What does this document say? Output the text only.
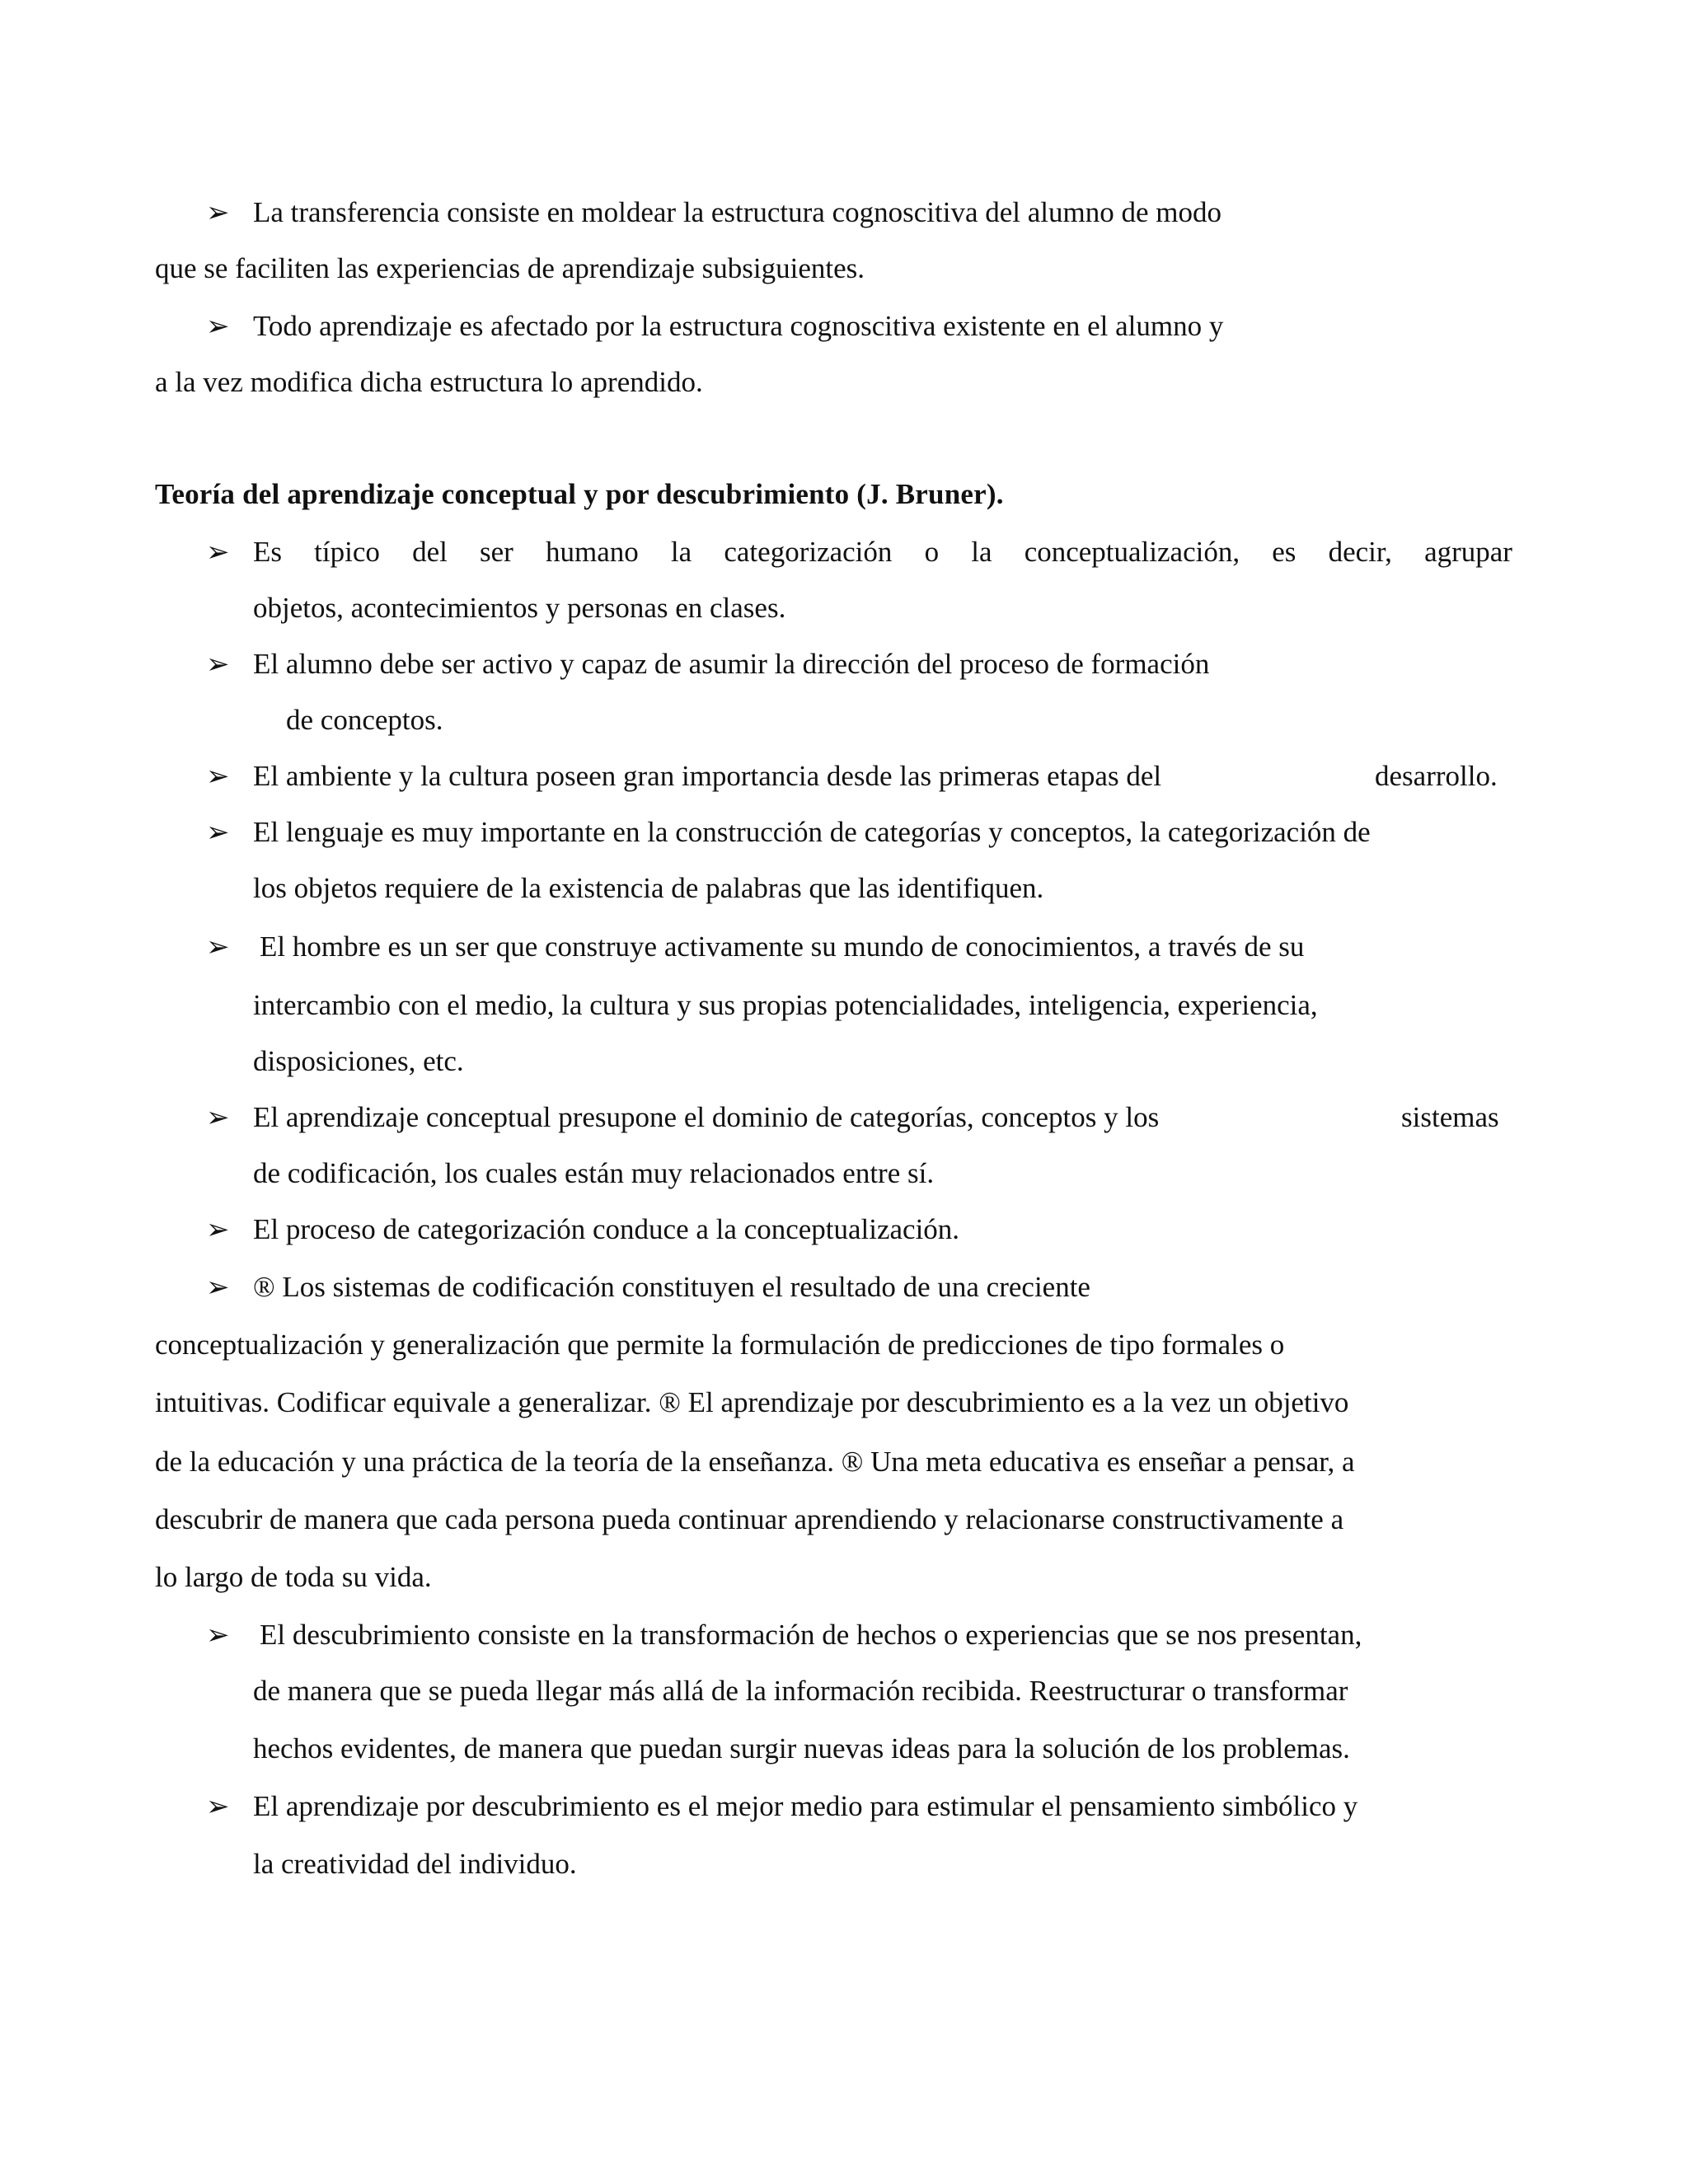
➢ La transferencia consiste en moldear la estructura cognoscitiva del alumno de modo
que se faciliten las experiencias de aprendizaje subsiguientes.
➢ Todo aprendizaje es afectado por la estructura cognoscitiva existente en el alumno y
a la vez modifica dicha estructura lo aprendido.
Teoría del aprendizaje conceptual y por descubrimiento (J. Bruner).
➢ Es típico del ser humano la categorización o la conceptualización, es decir, agrupar
objetos, acontecimientos y personas en clases.
➢ El alumno debe ser activo y capaz de asumir la dirección del proceso de formación
de conceptos.
➢ El ambiente y la cultura poseen gran importancia desde las primeras etapas del	desarrollo.
➢ El lenguaje es muy importante en la construcción de categorías y conceptos, la categorización de
los objetos requiere de la existencia de palabras que las identifiquen.
➢ El hombre es un ser que construye activamente su mundo de conocimientos, a través de su
intercambio con el medio, la cultura y sus propias potencialidades, inteligencia, experiencia,
disposiciones, etc.
➢ El aprendizaje conceptual presupone el dominio de categorías, conceptos y los	sistemas
de codificación, los cuales están muy relacionados entre sí.
➢ El proceso de categorización conduce a la conceptualización.
➢ ® Los sistemas de codificación constituyen el resultado de una creciente
conceptualización y generalización que permite la formulación de predicciones de tipo formales o
intuitivas. Codificar equivale a generalizar. ® El aprendizaje por descubrimiento es a la vez un objetivo
de la educación y una práctica de la teoría de la enseñanza. ® Una meta educativa es enseñar a pensar, a
descubrir de manera que cada persona pueda continuar aprendiendo y relacionarse constructivamente a
lo largo de toda su vida.
➢ El descubrimiento consiste en la transformación de hechos o experiencias que se nos presentan,
de manera que se pueda llegar más allá de la información recibida. Reestructurar o transformar
hechos evidentes, de manera que puedan surgir nuevas ideas para la solución de los problemas.
➢ El aprendizaje por descubrimiento es el mejor medio para estimular el pensamiento simbólico y
la creatividad del individuo.
